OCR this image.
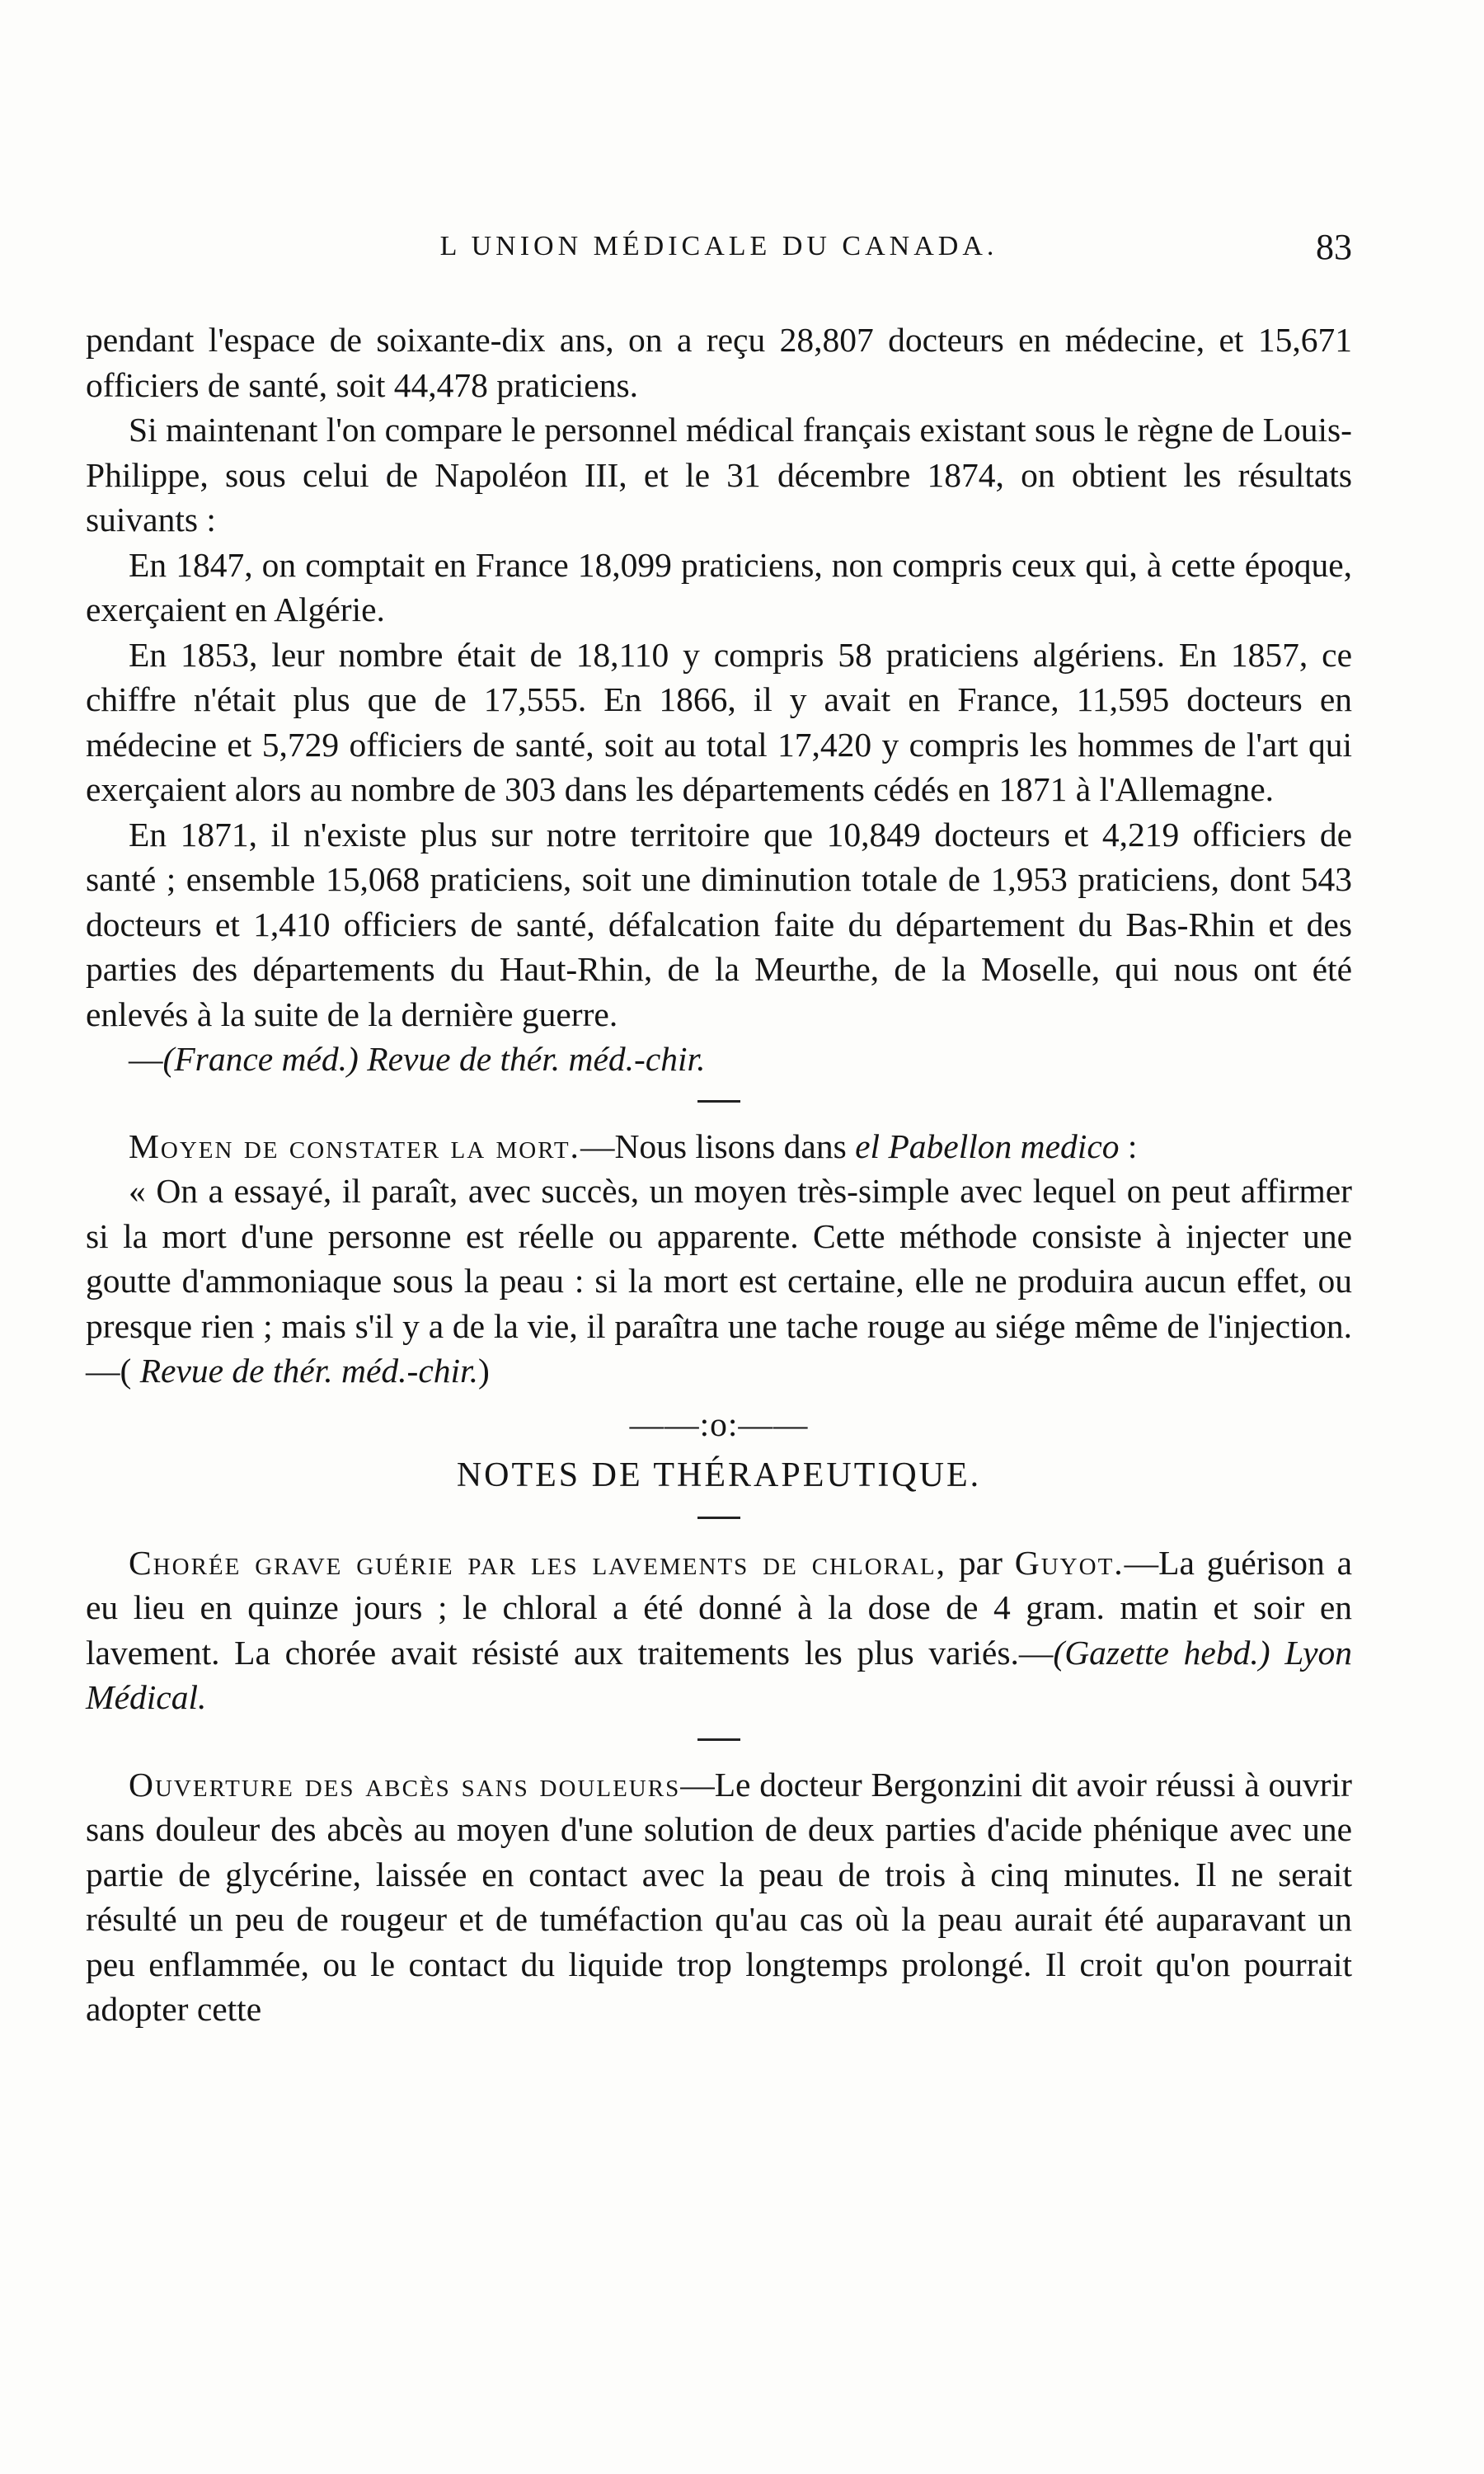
L UNION MÉDICALE DU CANADA.	83

pendant l'espace de soixante-dix ans, on a reçu 28,807 docteurs en médecine, et 15,671 officiers de santé, soit 44,478 praticiens.

Si maintenant l'on compare le personnel médical français existant sous le règne de Louis-Philippe, sous celui de Napoléon III, et le 31 décembre 1874, on obtient les résultats suivants :

En 1847, on comptait en France 18,099 praticiens, non compris ceux qui, à cette époque, exerçaient en Algérie.

En 1853, leur nombre était de 18,110 y compris 58 praticiens algériens. En 1857, ce chiffre n'était plus que de 17,555. En 1866, il y avait en France, 11,595 docteurs en médecine et 5,729 officiers de santé, soit au total 17,420 y compris les hommes de l'art qui exerçaient alors au nombre de 303 dans les départements cédés en 1871 à l'Allemagne.

En 1871, il n'existe plus sur notre territoire que 10,849 docteurs et 4,219 officiers de santé ; ensemble 15,068 praticiens, soit une diminution totale de 1,953 praticiens, dont 543 docteurs et 1,410 officiers de santé, défalcation faite du département du Bas-Rhin et des parties des départements du Haut-Rhin, de la Meurthe, de la Moselle, qui nous ont été enlevés à la suite de la dernière guerre.

—(France méd.) Revue de thér. méd.-chir.

Moyen de constater la mort.—Nous lisons dans el Pabellon medico :

« On a essayé, il paraît, avec succès, un moyen très-simple avec lequel on peut affirmer si la mort d'une personne est réelle ou apparente. Cette méthode consiste à injecter une goutte d'ammoniaque sous la peau : si la mort est certaine, elle ne produira aucun effet, ou presque rien ; mais s'il y a de la vie, il paraîtra une tache rouge au siége même de l'injection.—( Revue de thér. méd.-chir.)

——:o:——
NOTES DE THÉRAPEUTIQUE.

Chorée grave guérie par les lavements de chloral, par Guyot.—La guérison a eu lieu en quinze jours ; le chloral a été donné à la dose de 4 gram. matin et soir en lavement. La chorée avait résisté aux traitements les plus variés.—(Gazette hebd.) Lyon Médical.

Ouverture des abcès sans douleurs—Le docteur Bergonzini dit avoir réussi à ouvrir sans douleur des abcès au moyen d'une solution de deux parties d'acide phénique avec une partie de glycérine, laissée en contact avec la peau de trois à cinq minutes. Il ne serait résulté un peu de rougeur et de tuméfaction qu'au cas où la peau aurait été auparavant un peu enflammée, ou le contact du liquide trop longtemps prolongé. Il croit qu'on pourrait adopter cette
